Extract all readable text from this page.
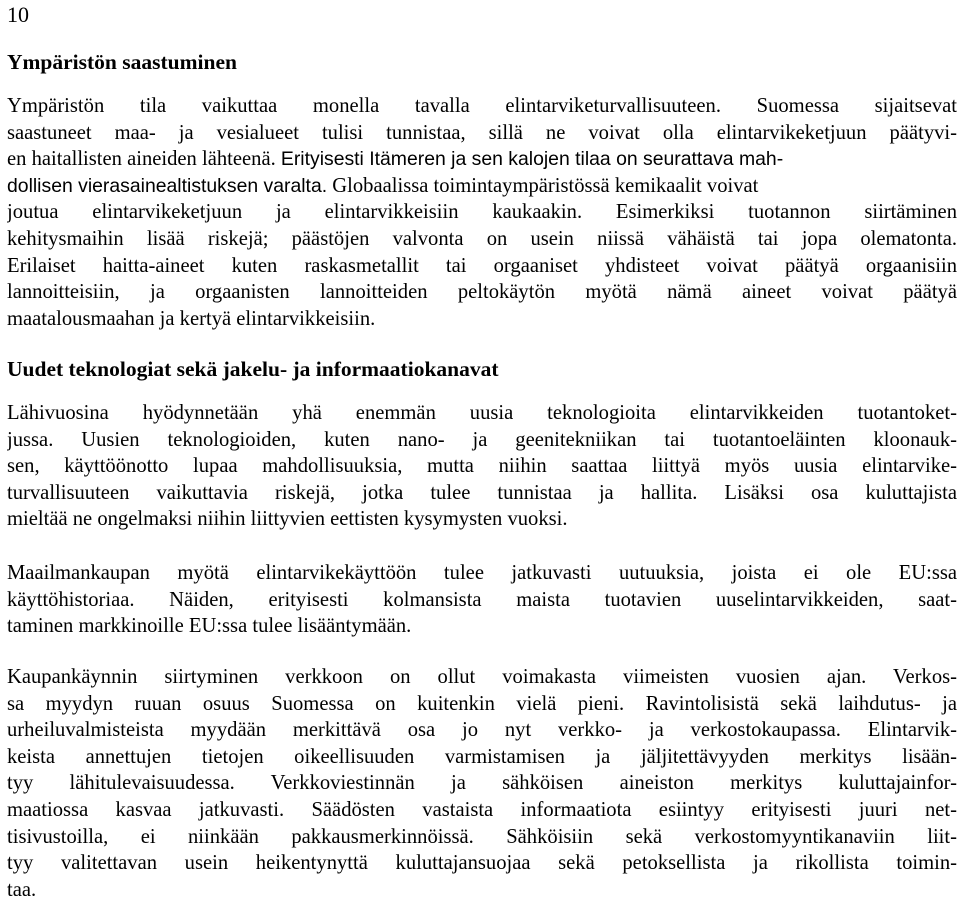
10
Ympäristön saastuminen
Ympäristön tila vaikuttaa monella tavalla elintarviketurvallisuuteen. Suomessa sijaitsevat
saastuneet maa- ja vesialueet tulisi tunnistaa, sillä ne voivat olla elintarvikeketjuun päätyvi-
en haitallisten aineiden lähteenä. Erityisesti Itämeren ja sen kalojen tilaa on seurattava mah-
dollisen vierasainealtistuksen varalta. Globaalissa toimintaympäristössä kemikaalit voivat
joutua elintarvikeketjuun ja elintarvikkeisiin kaukaakin. Esimerkiksi tuotannon siirtäminen
kehitysmaihin lisää riskejä; päästöjen valvonta on usein niissä vähäistä tai jopa olematonta.
Erilaiset haitta-aineet kuten raskasmetallit tai orgaaniset yhdisteet voivat päätyä orgaanisiin
lannoitteisiin, ja orgaanisten lannoitteiden peltokäytön myötä nämä aineet voivat päätyä
maatalousmaahan ja kertyä elintarvikkeisiin.
Uudet teknologiat sekä jakelu- ja informaatiokanavat
Lähivuosina hyödynnetään yhä enemmän uusia teknologioita elintarvikkeiden tuotantoket-
jussa. Uusien teknologioiden, kuten nano- ja geenitekniikan tai tuotantoeläinten kloonauk-
sen, käyttöönotto lupaa mahdollisuuksia, mutta niihin saattaa liittyä myös uusia elintarvike-
turvallisuuteen vaikuttavia riskejä, jotka tulee tunnistaa ja hallita. Lisäksi osa kuluttajista
mieltää ne ongelmaksi niihin liittyvien eettisten kysymysten vuoksi.
Maailmankaupan myötä elintarvikekäyttöön tulee jatkuvasti uutuuksia, joista ei ole EU:ssa
käyttöhistoriaa. Näiden, erityisesti kolmansista maista tuotavien uuselintarvikkeiden, saat-
taminen markkinoille EU:ssa tulee lisääntymään.
Kaupankäynnin siirtyminen verkkoon on ollut voimakasta viimeisten vuosien ajan. Verkos-
sa myydyn ruuan osuus Suomessa on kuitenkin vielä pieni. Ravintolisistä sekä laihdutus- ja
urheiluvalmisteista myydään merkittävä osa jo nyt verkko- ja verkostokaupassa. Elintarvik-
keista annettujen tietojen oikeellisuuden varmistamisen ja jäljitettävyyden merkitys lisään-
tyy lähitulevaisuudessa. Verkkoviestinnän ja sähköisen aineiston merkitys kuluttajainfor-
maatiossa kasvaa jatkuvasti. Säädösten vastaista informaatiota esiintyy erityisesti juuri net-
tisivustoilla, ei niinkään pakkausmerkinnöissä. Sähköisiin sekä verkostomyyntikanaviin liit-
tyy valitettavan usein heikentynyttä kuluttajansuojaa sekä petoksellista ja rikollista toimin-
taa.
